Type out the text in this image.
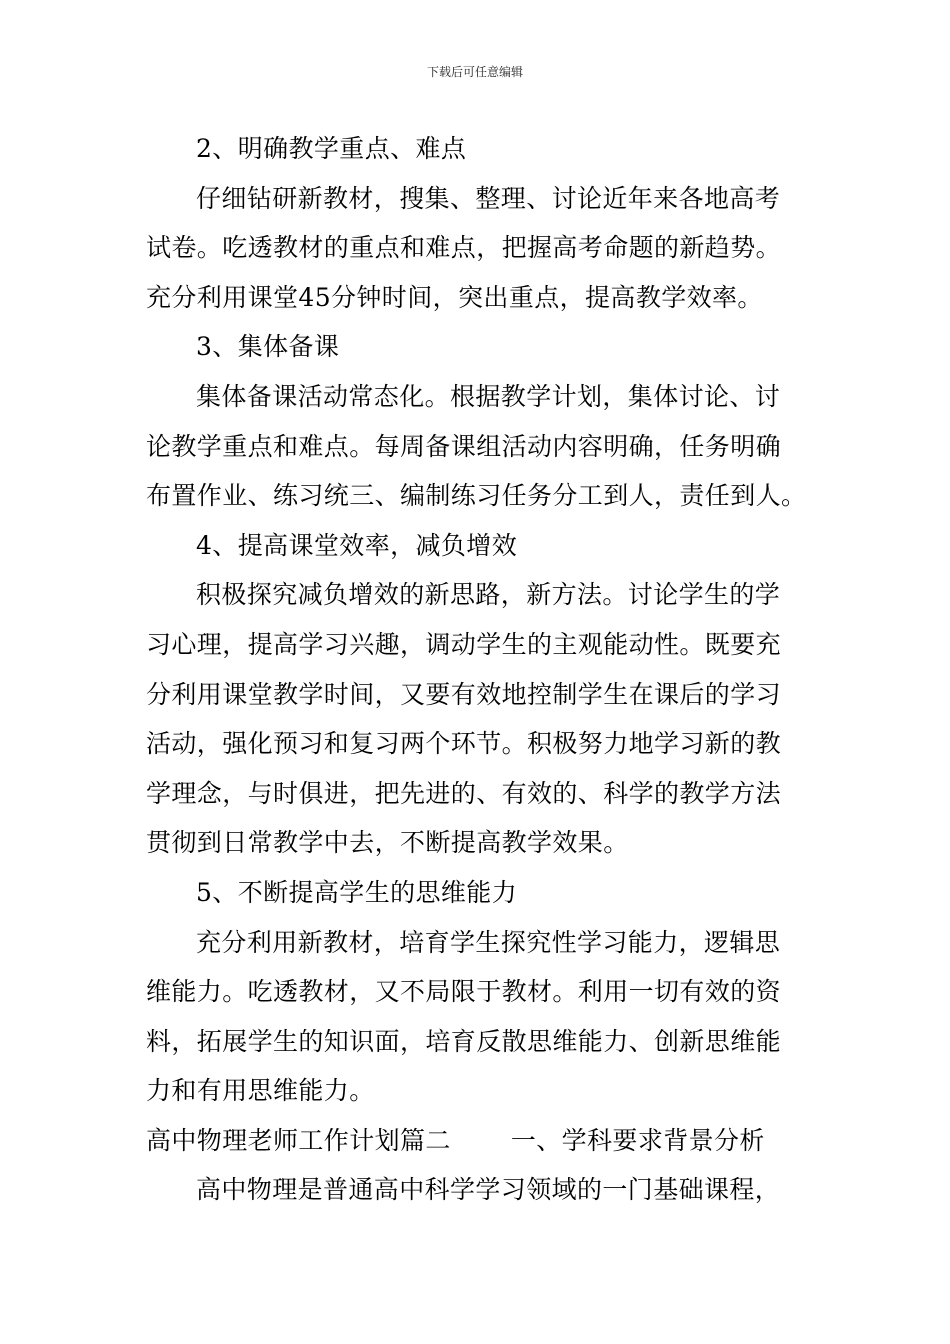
下载后可任意编辑
2、明确教学重点、难点
仔细钻研新教材，搜集、整理、讨论近年来各地高考
试卷。吃透教材的重点和难点，把握高考命题的新趋势。
充分利用课堂45分钟时间，突出重点，提高教学效率。
3、集体备课
集体备课活动常态化。根据教学计划，集体讨论、讨
论教学重点和难点。每周备课组活动内容明确，任务明确
布置作业、练习统三、编制练习任务分工到人，责任到人。
4、提高课堂效率，减负增效
积极探究减负增效的新思路，新方法。讨论学生的学
习心理，提高学习兴趣，调动学生的主观能动性。既要充
分利用课堂教学时间，又要有效地控制学生在课后的学习
活动，强化预习和复习两个环节。积极努力地学习新的教
学理念，与时俱进，把先进的、有效的、科学的教学方法
贯彻到日常教学中去，不断提高教学效果。
5、不断提高学生的思维能力
充分利用新教材，培育学生探究性学习能力，逻辑思
维能力。吃透教材，又不局限于教材。利用一切有效的资
料，拓展学生的知识面，培育反散思维能力、创新思维能
力和有用思维能力。
高中物理老师工作计划篇二 一、学科要求背景分析
高中物理是普通高中科学学习领域的一门基础课程，
